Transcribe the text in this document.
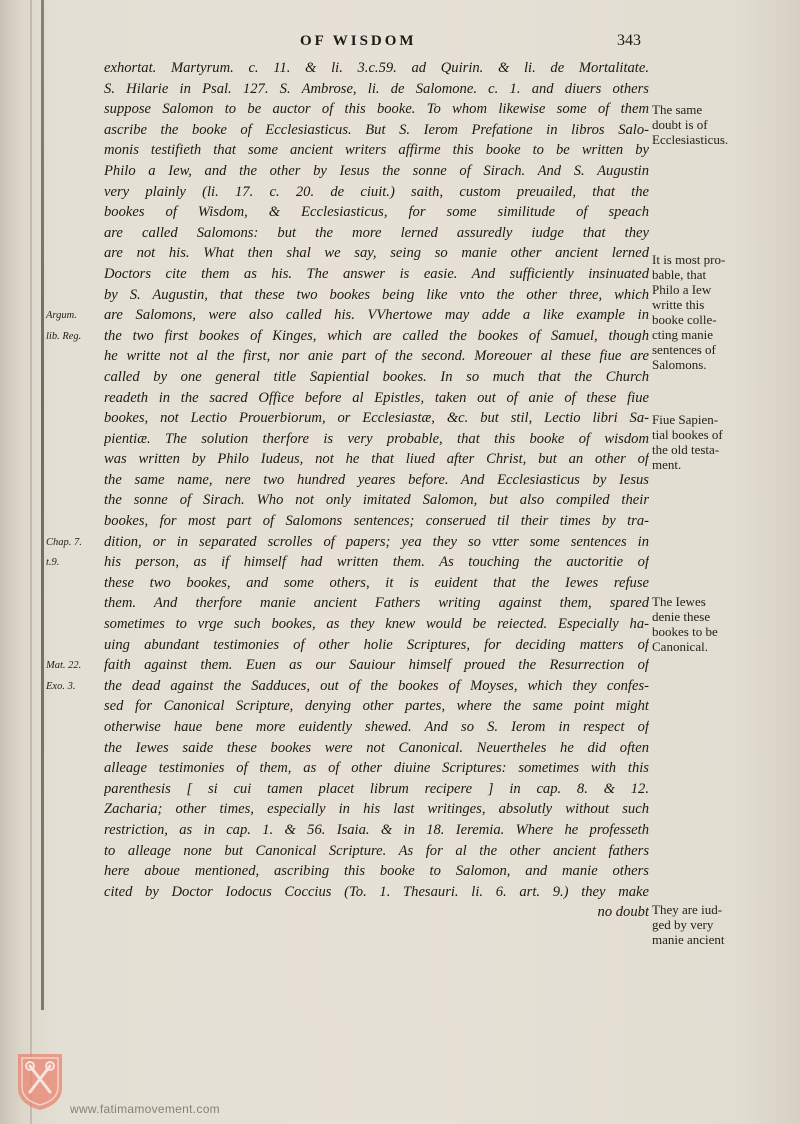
OF WISDOM	343
exhortat. Martyrum. c. 11. & li. 3.c.59. ad Quirin. & li. de Mortalitate.
S. Hilarie in Psal. 127. S. Ambrose, li. de Salomone. c. 1. and diuers others
suppose Salomon to be auctor of this booke. To whom likewise some of them
ascribe the booke of Ecclesiasticus. But S. Ierom Prefatione in libros Salo-
monis testifieth that some ancient writers affirme this booke to be written by
Philo a Iew, and the other by Iesus the sonne of Sirach. And S. Augustin
very plainly (li. 17. c. 20. de ciuit.) saith, custom preuailed, that the
bookes of Wisdom, & Ecclesiasticus, for some similitude of speach
are called Salomons: but the more lerned assuredly iudge that they
are not his. What then shal we say, seing so manie other ancient lerned
Doctors cite them as his. The answer is easie. And sufficiently insinuated
by S. Augustin, that these two bookes being like vnto the other three, which
are Salomons, were also called his. VVhertowe may adde a like example in
the two first bookes of Kinges, which are called the bookes of Samuel, though
he writte not al the first, nor anie part of the second. Moreouer al these fiue are
called by one general title Sapiential bookes. In so much that the Church
readeth in the sacred Office before al Epistles, taken out of anie of these fiue
bookes, not Lectio Prouerbiorum, or Ecclesiastæ, &c. but stil, Lectio libri Sa-
pientiæ. The solution therfore is very probable, that this booke of wisdom
was written by Philo Iudeus, not he that liued after Christ, but an other of
the same name, nere two hundred yeares before. And Ecclesiasticus by Iesus
the sonne of Sirach. Who not only imitated Salomon, but also compiled their
bookes, for most part of Salomons sentences; conserued til their times by tra-
dition, or in separated scrolles of papers; yea they so vtter some sentences in
his person, as if himself had written them. As touching the auctoritie of
these two bookes, and some others, it is euident that the Iewes refuse
them. And therfore manie ancient Fathers writing against them, spared
sometimes to vrge such bookes, as they knew would be reiected. Especially ha-
uing abundant testimonies of other holie Scriptures, for deciding matters of
faith against them. Euen as our Sauiour himself proued the Resurrection of
the dead against the Sadduces, out of the bookes of Moyses, which they confes-
sed for Canonical Scripture, denying other partes, where the same point might
otherwise haue bene more euidently shewed. And so S. Ierom in respect of
the Iewes saide these bookes were not Canonical. Neuertheles he did often
alleage testimonies of them, as of other diuine Scriptures: sometimes with this
parenthesis [ si cui tamen placet librum recipere ] in cap. 8. & 12.
Zacharia; other times, especially in his last writinges, absolutly without such
restriction, as in cap. 1. & 56. Isaia. & in 18. Ieremia. Where he professeth
to alleage none but Canonical Scripture. As for al the other ancient fathers
here aboue mentioned, ascribing this booke to Salomon, and manie others
cited by Doctor Iodocus Coccius (To. 1. Thesauri. li. 6. art. 9.) they make
no doubt
Argum.
lib. Reg.
Chap. 7.
t.9.
Mat. 22.
Exo. 3.
The same
doubt is of
Ecclesiasticus.
It is most pro-
bable, that
Philo a Iew
writte this
booke colle-
cting manie
sentences of
Salomons.
Fiue Sapien-
tial bookes of
the old testa-
ment.
The Iewes
denie these
bookes to be
Canonical.
They are iud-
ged by very
manie ancient
www.fatimamovement.com
